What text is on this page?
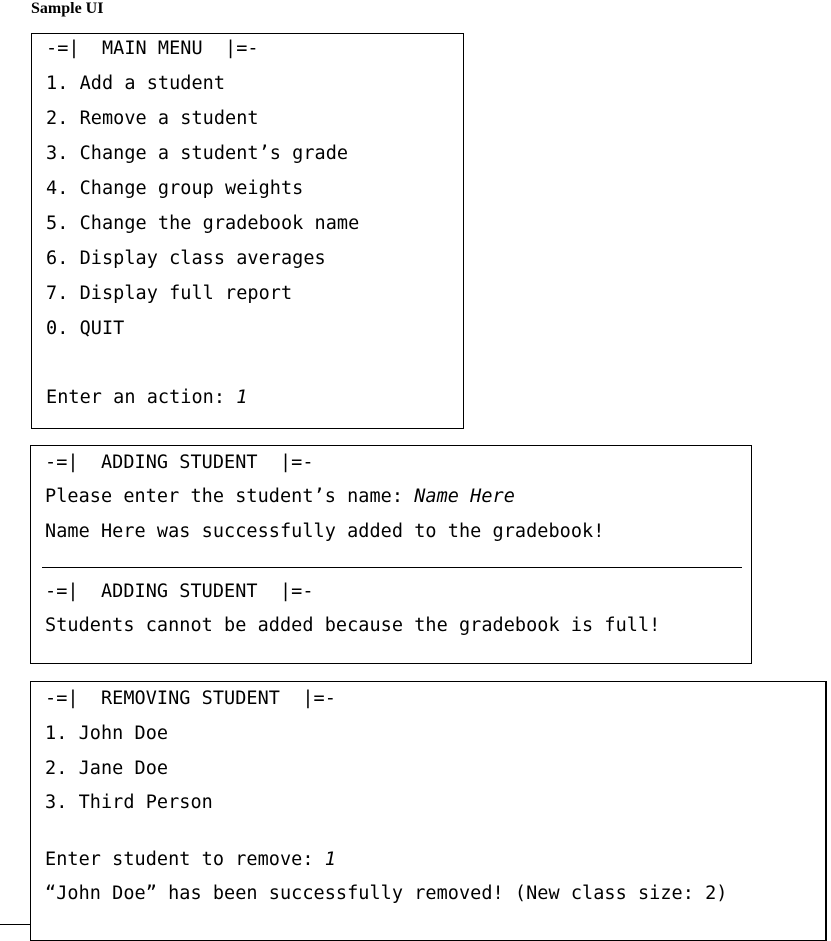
Sample UI
-=|  MAIN MENU  |=-
1. Add a student
2. Remove a student
3. Change a student’s grade
4. Change group weights
5. Change the gradebook name
6. Display class averages
7. Display full report
0. QUIT
Enter an action: 1
-=|  ADDING STUDENT  |=-
Please enter the student’s name: Name Here
Name Here was successfully added to the gradebook!
-=|  ADDING STUDENT  |=-
Students cannot be added because the gradebook is full!
-=|  REMOVING STUDENT  |=-
1. John Doe
2. Jane Doe
3. Third Person
Enter student to remove: 1
“John Doe” has been successfully removed! (New class size: 2)
